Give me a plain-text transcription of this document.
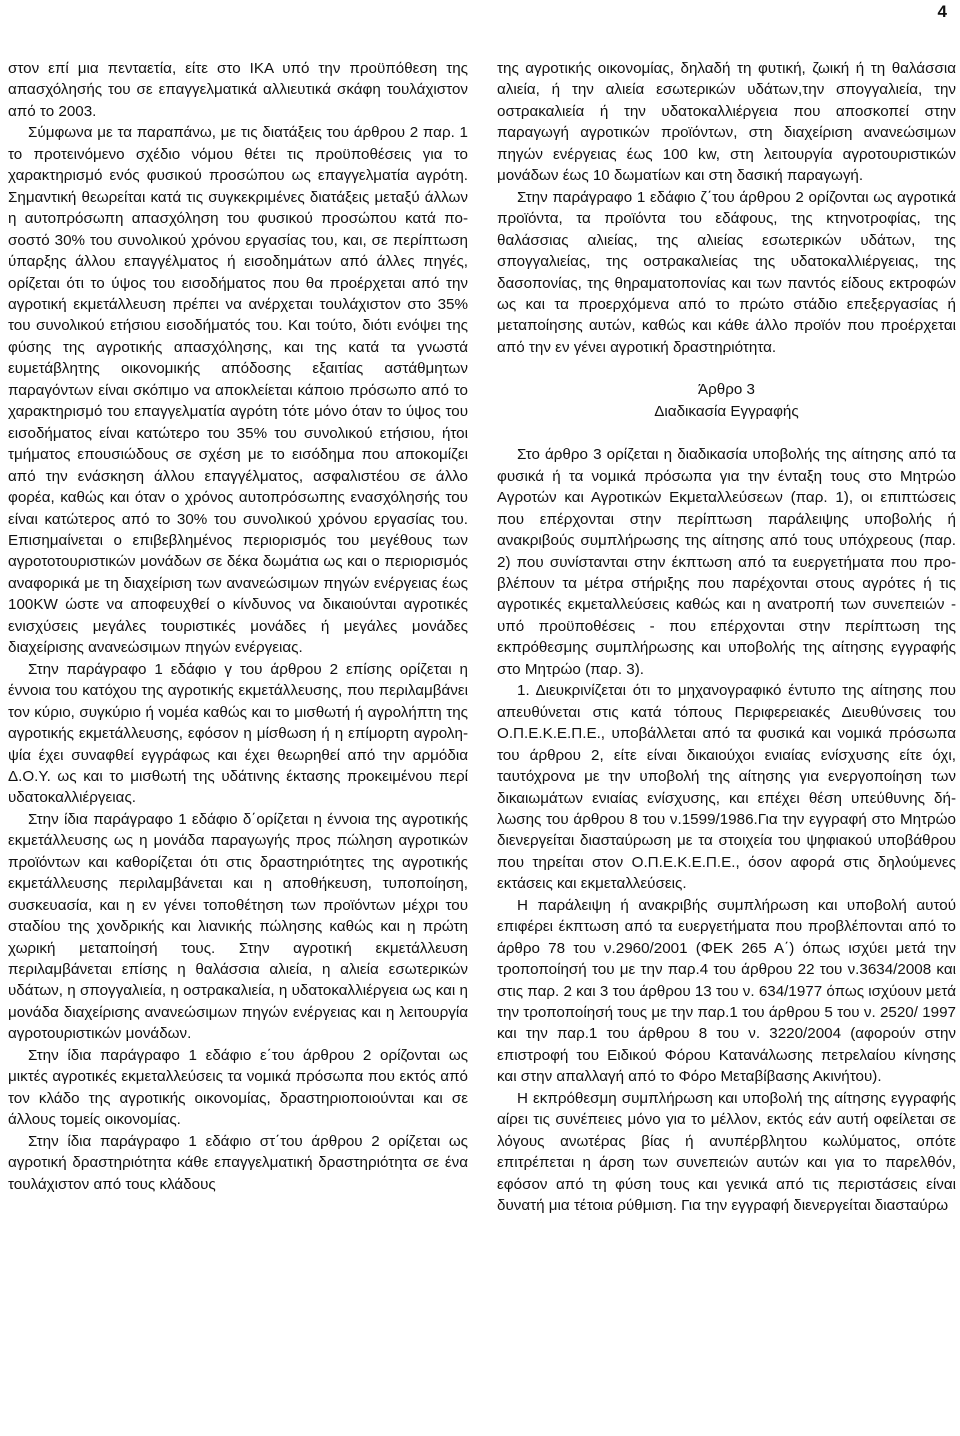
4

στον επί μια πενταετία, είτε στο ΙΚΑ υπό την προϋπόθεση της απασχόλησής του σε επαγγελματικά αλλιευτικά σκάφη τουλάχιστον από το 2003.

Σύμφωνα με τα παραπάνω, με τις διατάξεις του άρθρου 2 παρ. 1 το προτεινόμενο σχέδιο νόμου θέτει τις προϋποθέσεις για το χαρακτηρισμό ενός φυσικού προσώπου ως επαγγελματία αγρότη. Σημαντική θεωρείται κατά τις συγκεκριμένες διατάξεις μεταξύ άλλων η αυτοπρόσωπη απασχόληση του φυσικού προσώπου κατά ποσοστό 30% του συνολικού χρόνου εργασίας του, και, σε περίπτωση ύπαρξης άλλου επαγγέλματος ή εισοδημάτων από άλλες πηγές, ορίζεται ότι το ύψος του εισοδήματος που θα προέρχεται από την αγροτική εκμετάλλευση πρέπει να ανέρχεται τουλάχιστον στο 35% του συνολικού ετήσιου εισοδήματός του. Και τούτο, διότι ενόψει της φύσης της αγροτικής απασχόλησης, και της κατά τα γνωστά ευμετάβλητης οικονομικής απόδοσης εξαιτίας αστάθμητων παραγόντων είναι σκόπιμο να αποκλείεται κάποιο πρόσωπο από το χαρακτηρισμό του επαγγελματία αγρότη τότε μόνο όταν το ύψος του εισοδήματος είναι κατώτερο του 35% του συνολικού ετήσιου, ήτοι τμήματος επουσιώδους σε σχέση με το εισόδημα που αποκομίζει από την ενάσκηση άλλου επαγγέλματος, ασφαλιστέου σε άλλο φορέα, καθώς και όταν ο χρόνος αυτοπρόσωπης ενασχόλησής του είναι κατώτερος από το 30% του συνολικού χρόνου εργασίας του. Επισημαίνεται ο επιβεβλημένος περιορισμός του μεγέθους των αγροτοτουριστικών μονάδων σε δέκα δωμάτια ως και ο περιορισμός αναφορικά με τη διαχείριση των ανανεώσιμων πηγών ενέργειας έως 100KW ώστε να αποφευχθεί ο κίνδυνος να δικαιούνται αγροτικές ενισχύσεις μεγάλες τουριστικές μονάδες ή μεγάλες μονάδες διαχείρισης ανανεώσιμων πηγών ενέργειας.

Στην παράγραφο 1 εδάφιο γ του άρθρου 2 επίσης ορίζεται η έννοια του κατόχου της αγροτικής εκμετάλλευσης, που περιλαμβάνει τον κύριο, συγκύριο ή νομέα καθώς και το μισθωτή ή αγρολήπτη της αγροτικής εκμετάλλευσης, εφόσον η μίσθωση ή η επίμορτη αγροληψία έχει συναφθεί εγγράφως και έχει θεωρηθεί από την αρμόδια Δ.Ο.Υ. ως και το μισθωτή της υδάτινης έκτασης προκειμένου περί υδατοκαλλιέργειας.

Στην ίδια παράγραφο 1 εδάφιο δ΄ορίζεται η έννοια της αγροτικής εκμετάλλευσης ως η μονάδα παραγωγής προς πώληση αγροτικών προϊόντων και καθορίζεται ότι στις δραστηριότητες της αγροτικής εκμετάλλευσης περιλαμβάνεται και η αποθήκευση, τυποποίηση, συσκευασία, και η εν γένει τοποθέτηση των προϊόντων μέχρι του σταδίου της χονδρικής και λιανικής πώλησης καθώς και η πρώτη χωρική μεταποίησή τους. Στην αγροτική εκμετάλλευση περιλαμβάνεται επίσης η θαλάσσια αλιεία, η αλιεία εσωτερικών υδάτων, η σπογγαλιεία, η οστρακαλιεία, η υδατοκαλλιέργεια ως και η μονάδα διαχείρισης ανανεώσιμων πηγών ενέργειας και η λειτουργία αγροτουριστικών μονάδων.

Στην ίδια παράγραφο 1 εδάφιο ε΄του άρθρου 2 ορίζονται ως μικτές αγροτικές εκμεταλλεύσεις τα νομικά πρόσωπα που εκτός από τον κλάδο της αγροτικής οικονομίας, δραστηριοποιούνται και σε άλλους τομείς οικονομίας.

Στην ίδια παράγραφο 1 εδάφιο στ΄του άρθρου 2 ορίζεται ως αγροτική δραστηριότητα κάθε επαγγελματική δραστηριότητα σε ένα τουλάχιστον από τους κλάδους

της αγροτικής οικονομίας, δηλαδή τη φυτική, ζωική ή τη θαλάσσια αλιεία, ή την αλιεία εσωτερικών υδάτων,την σπογγαλιεία, την οστρακαλιεία ή την υδατοκαλλιέργεια που αποσκοπεί στην παραγωγή αγροτικών προϊόντων, στη διαχείριση ανανεώσιμων πηγών ενέργειας έως 100 kw, στη λειτουργία αγροτουριστικών μονάδων έως 10 δωματίων και στη δασική παραγωγή.

Στην παράγραφο 1 εδάφιο ζ΄του άρθρου 2 ορίζονται ως αγροτικά προϊόντα, τα προϊόντα του εδάφους, της κτηνοτροφίας, της θαλάσσιας αλιείας, της αλιείας εσωτερικών υδάτων, της σπογγαλιείας, της οστρακαλιείας της υδατοκαλλιέργειας, της δασοπονίας, της θηραματοπονίας και των παντός είδους εκτροφών ως και τα προερχόμενα από το πρώτο στάδιο επεξεργασίας ή μεταποίησης αυτών, καθώς και κάθε άλλο προϊόν που προέρχεται από την εν γένει αγροτική δραστηριότητα.

Άρθρο 3

Διαδικασία Εγγραφής

Στο άρθρο 3 ορίζεται η διαδικασία υποβολής της αίτησης από τα φυσικά ή τα νομικά πρόσωπα για την ένταξη τους στο Μητρώο Αγροτών και Αγροτικών Εκμεταλλεύσεων (παρ. 1), οι επιπτώσεις που επέρχονται στην περίπτωση παράλειψης υποβολής ή ανακριβούς συμπλήρωσης της αίτησης από τους υπόχρεους (παρ. 2) που συνίστανται στην έκπτωση από τα ευεργετήματα που προβλέπουν τα μέτρα στήριξης που παρέχονται στους αγρότες ή τις αγροτικές εκμεταλλεύσεις καθώς και η ανατροπή των συνεπειών - υπό προϋποθέσεις - που επέρχονται στην περίπτωση της εκπρόθεσμης συμπλήρωσης και υποβολής της αίτησης εγγραφής στο Μητρώο (παρ. 3).

1. Διευκρινίζεται ότι το μηχανογραφικό έντυπο της αίτησης που απευθύνεται στις κατά τόπους Περιφερειακές Διευθύνσεις του Ο.Π.Ε.Κ.Ε.Π.Ε., υποβάλλεται από τα φυσικά και νομικά πρόσωπα του άρθρου 2, είτε είναι δικαιούχοι ενιαίας ενίσχυσης είτε όχι, ταυτόχρονα με την υποβολή της αίτησης για ενεργοποίηση των δικαιωμάτων ενιαίας ενίσχυσης, και επέχει θέση υπεύθυνης δήλωσης του άρθρου 8 του ν.1599/1986.Για την εγγραφή στο Μητρώο διενεργείται διασταύρωση με τα στοιχεία του ψηφιακού υποβάθρου που τηρείται στον Ο.Π.Ε.Κ.Ε.Π.Ε., όσον αφορά στις δηλούμενες εκτάσεις και εκμεταλλεύσεις.

Η παράλειψη ή ανακριβής συμπλήρωση και υποβολή αυτού επιφέρει έκπτωση από τα ευεργετήματα που προβλέπονται από το άρθρο 78 του ν.2960/2001 (ΦΕΚ 265 Α΄) όπως ισχύει μετά την τροποποίησή του με την παρ.4 του άρθρου 22 του ν.3634/2008 και στις παρ. 2 και 3 του άρθρου 13 του ν. 634/1977 όπως ισχύουν μετά την τροποποίησή τους με την παρ.1 του άρθρου 5 του ν. 2520/ 1997 και την παρ.1 του άρθρου 8 του ν. 3220/2004 (αφορούν στην επιστροφή του Ειδικού Φόρου Κατανάλωσης πετρελαίου κίνησης και στην απαλλαγή από το Φόρο Μεταβίβασης Ακινήτου).

Η εκπρόθεσμη συμπλήρωση και υποβολή της αίτησης εγγραφής αίρει τις συνέπειες μόνο για το μέλλον, εκτός εάν αυτή οφείλεται σε λόγους ανωτέρας βίας ή ανυπέρβλητου κωλύματος, οπότε επιτρέπεται η άρση των συνεπειών αυτών και για το παρελθόν, εφόσον από τη φύση τους και γενικά από τις περιστάσεις είναι δυνατή μια τέτοια ρύθμιση. Για την εγγραφή διενεργείται διασταύρω
